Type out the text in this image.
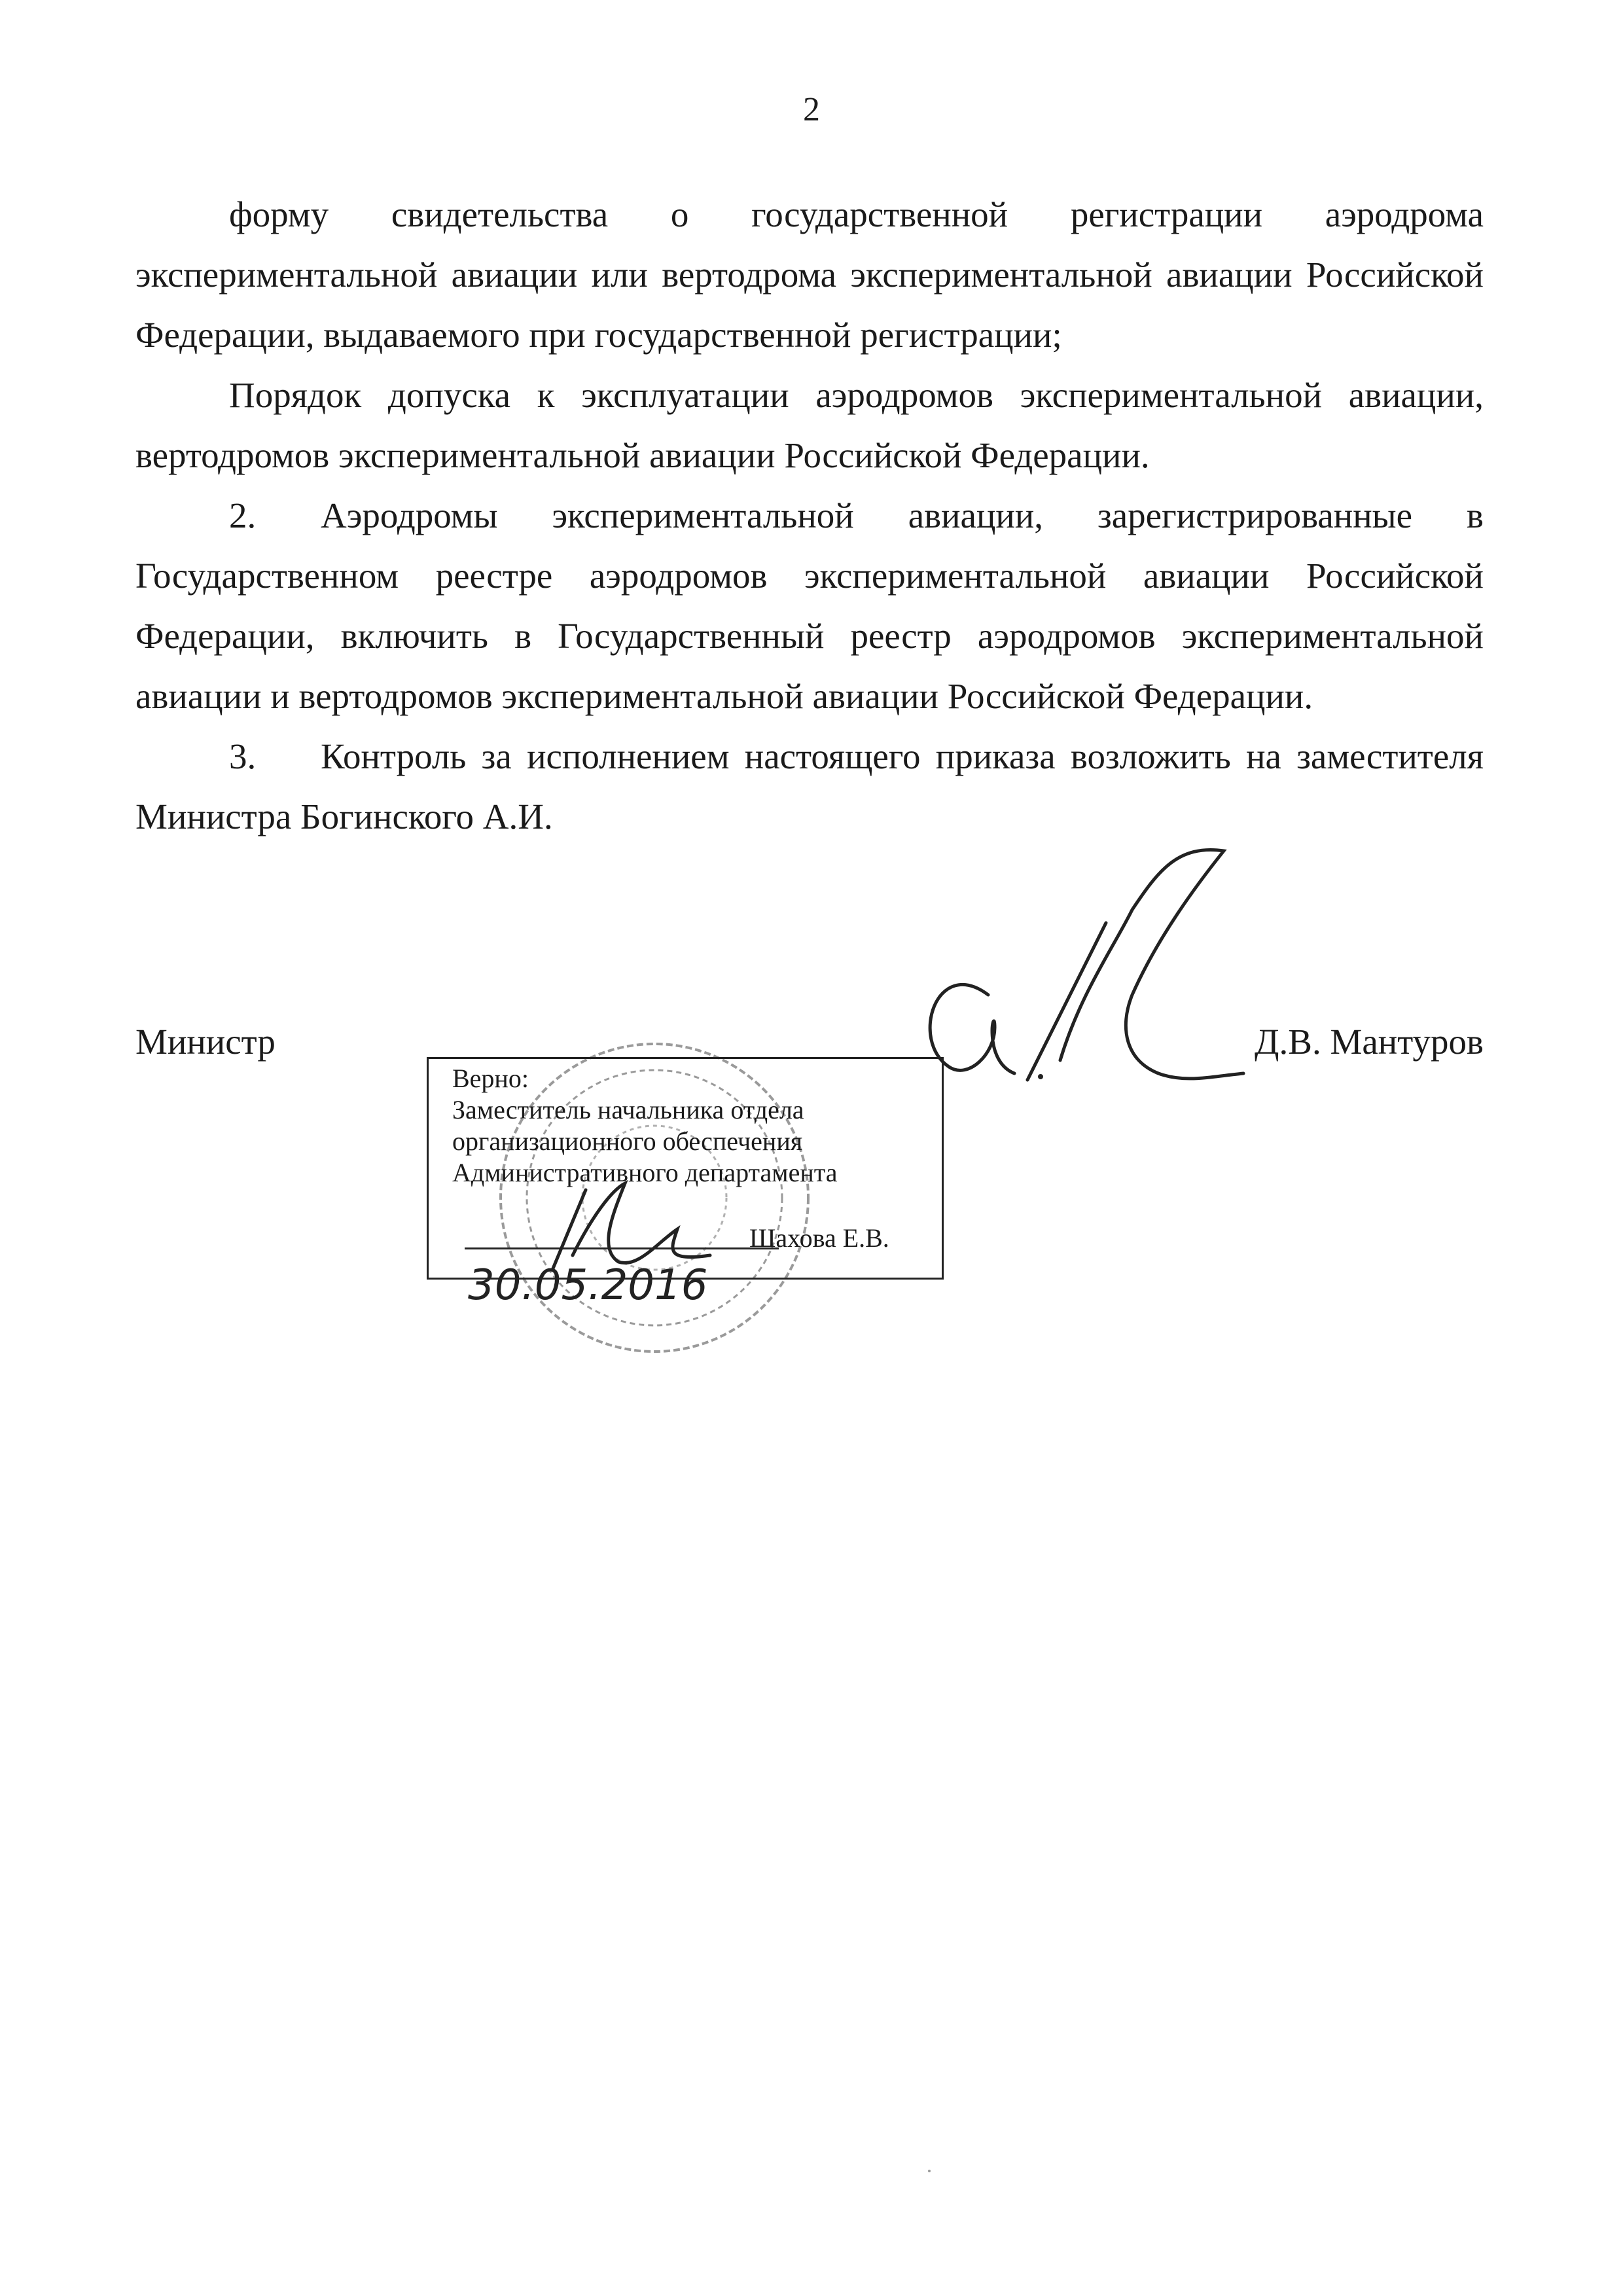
2

форму свидетельства о государственной регистрации аэродрома экспериментальной авиации или вертодрома экспериментальной авиации Российской Федерации, выдаваемого при государственной регистрации;

Порядок допуска к эксплуатации аэродромов экспериментальной авиации, вертодромов экспериментальной авиации Российской Федерации.

2. Аэродромы экспериментальной авиации, зарегистрированные в Государственном реестре аэродромов экспериментальной авиации Российской Федерации, включить в Государственный реестр аэродромов экспериментальной авиации и вертодромов экспериментальной авиации Российской Федерации.

3. Контроль за исполнением настоящего приказа возложить на заместителя Министра Богинского А.И.

Министр	Д.В. Мантуров
Верно:
Заместитель начальника отдела
организационного обеспечения
Административного департамента
Шахова Е.В.
30.05.2016
